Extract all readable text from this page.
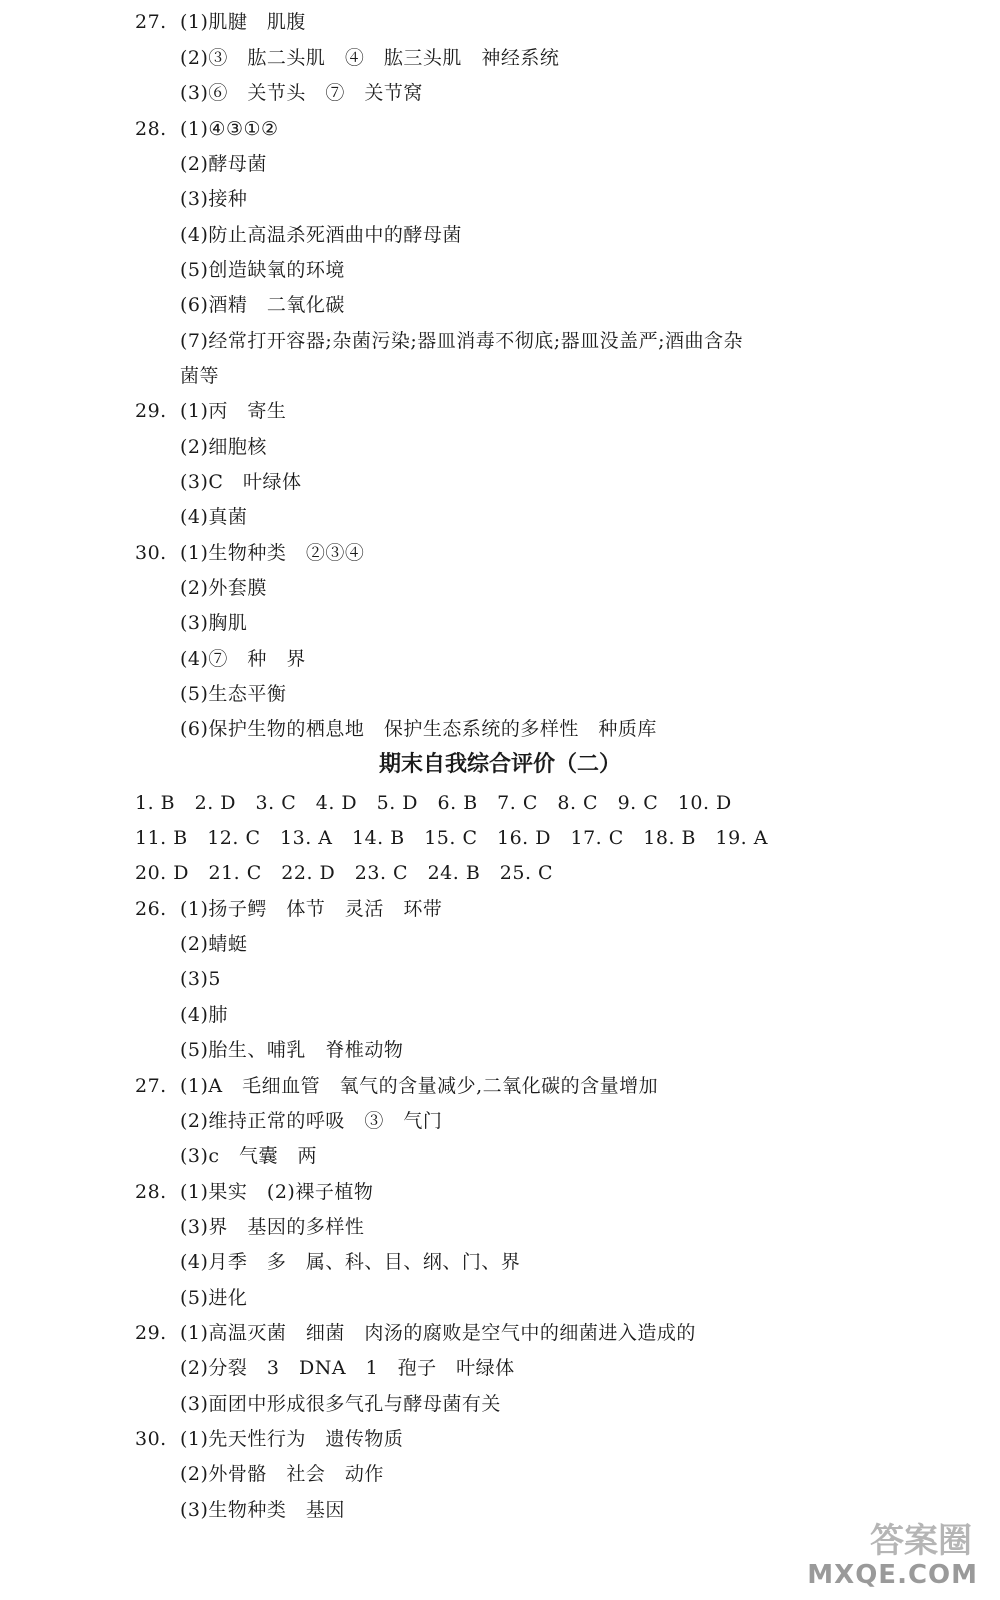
27. (1)肌腱　肌腹
(2)③　肱二头肌　④　肱三头肌　神经系统
(3)⑥　关节头　⑦　关节窝
28. (1)④③①②
(2)酵母菌
(3)接种
(4)防止高温杀死酒曲中的酵母菌
(5)创造缺氧的环境
(6)酒精　二氧化碳
(7)经常打开容器;杂菌污染;器皿消毒不彻底;器皿没盖严;酒曲含杂
菌等
29. (1)丙　寄生
(2)细胞核
(3)C　叶绿体
(4)真菌
30. (1)生物种类　②③④
(2)外套膜
(3)胸肌
(4)⑦　种　界
(5)生态平衡
(6)保护生物的栖息地　保护生态系统的多样性　种质库
期末自我综合评价（二）
1. B　2. D　3. C　4. D　5. D　6. B　7. C　8. C　9. C　10. D
11. B　12. C　13. A　14. B　15. C　16. D　17. C　18. B　19. A
20. D　21. C　22. D　23. C　24. B　25. C
26. (1)扬子鳄　体节　灵活　环带
(2)蜻蜓
(3)5
(4)肺
(5)胎生、哺乳　脊椎动物
27. (1)A　毛细血管　氧气的含量减少,二氧化碳的含量增加
(2)维持正常的呼吸　③　气门
(3)c　气囊　两
28. (1)果实　(2)裸子植物
(3)界　基因的多样性
(4)月季　多　属、科、目、纲、门、界
(5)进化
29. (1)高温灭菌　细菌　肉汤的腐败是空气中的细菌进入造成的
(2)分裂　3　DNA　1　孢子　叶绿体
(3)面团中形成很多气孔与酵母菌有关
30. (1)先天性行为　遗传物质
(2)外骨骼　社会　动作
(3)生物种类　基因
答案圈
MXQE.COM
